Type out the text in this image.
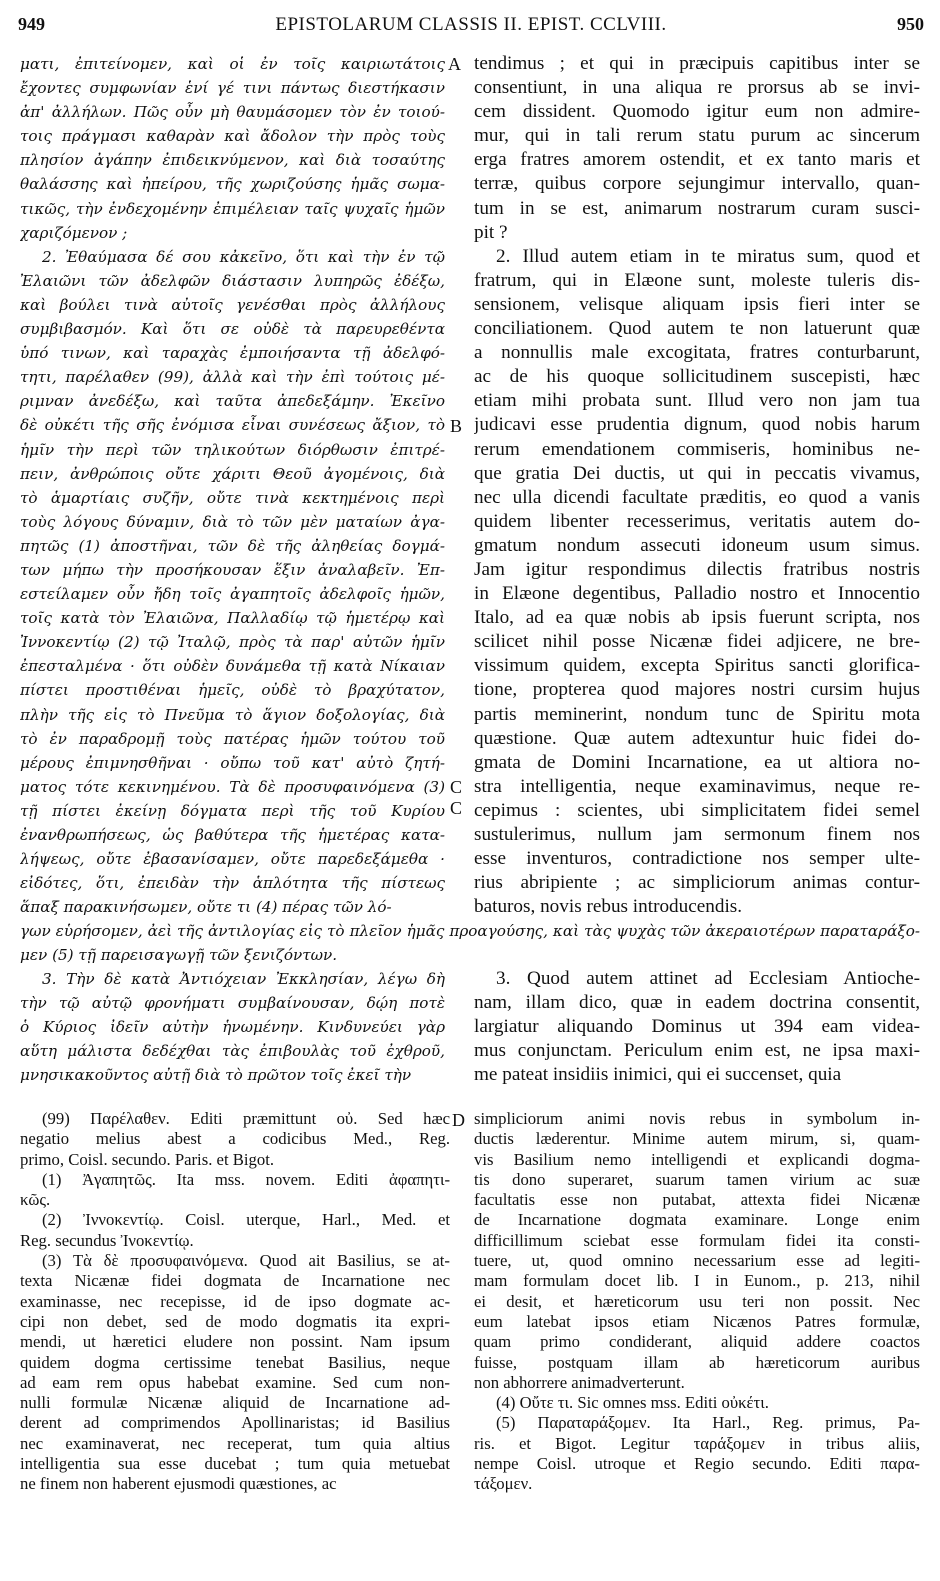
949	EPISTOLARUM CLASSIS II. EPIST. CCLVIII.	950
ματι, ἐπιτείνομεν, καὶ οἱ ἐν τοῖς καιριωτάτοις
ἔχοντες συμφωνίαν ἑνί γέ τινι πάντως διεστήκασιν
ἀπ' ἀλλήλων. Πῶς οὖν μὴ θαυμάσομεν τὸν ἐν τοιού-
τοις πράγμασι καθαρὰν καὶ ἄδολον τὴν πρὸς τοὺς
πλησίον ἀγάπην ἐπιδεικνύμενον, καὶ διὰ τοσαύτης
θαλάσσης καὶ ἠπείρου, τῆς χωριζούσης ἡμᾶς σωμα-
τικῶς, τὴν ἐνδεχομένην ἐπιμέλειαν ταῖς ψυχαῖς ἡμῶν
χαριζόμενον ;
2. Ἐθαύμασα δέ σου κἀκεῖνο, ὅτι καὶ τὴν ἐν τῷ
Ἐλαιῶνι τῶν ἀδελφῶν διάστασιν λυπηρῶς ἐδέξω,
καὶ βούλει τινὰ αὐτοῖς γενέσθαι πρὸς ἀλλήλους
συμβιβασμόν. Καὶ ὅτι σε οὐδὲ τὰ παρευρεθέντα
ὑπό τινων, καὶ ταραχὰς ἐμποιήσαντα τῇ ἀδελφό-
τητι, παρέλαθεν (99), ἀλλὰ καὶ τὴν ἐπὶ τούτοις μέ-
ριμναν ἀνεδέξω, καὶ ταῦτα ἀπεδεξάμην. Ἐκεῖνο
δὲ οὐκέτι τῆς σῆς ἐνόμισα εἶναι συνέσεως ἄξιον, τὸ
ἡμῖν τὴν περὶ τῶν τηλικούτων διόρθωσιν ἐπιτρέ-
πειν, ἀνθρώποις οὔτε χάριτι Θεοῦ ἀγομένοις, διὰ
τὸ ἁμαρτίαις συζῆν, οὔτε τινὰ κεκτημένοις περὶ
τοὺς λόγους δύναμιν, διὰ τὸ τῶν μὲν ματαίων ἀγα-
πητῶς (1) ἀποστῆναι, τῶν δὲ τῆς ἀληθείας δογμά-
των μήπω τὴν προσήκουσαν ἕξιν ἀναλαβεῖν. Ἐπ-
εστείλαμεν οὖν ἤδη τοῖς ἀγαπητοῖς ἀδελφοῖς ἡμῶν,
τοῖς κατὰ τὸν Ἐλαιῶνα, Παλλαδίῳ τῷ ἡμετέρῳ καὶ
Ἰννοκεντίῳ (2) τῷ Ἰταλῷ, πρὸς τὰ παρ' αὐτῶν ἡμῖν
ἐπεσταλμένα · ὅτι οὐδὲν δυνάμεθα τῇ κατὰ Νίκαιαν
πίστει προστιθέναι ἡμεῖς, οὐδὲ τὸ βραχύτατον,
πλὴν τῆς εἰς τὸ Πνεῦμα τὸ ἅγιον δοξολογίας, διὰ
τὸ ἐν παραδρομῇ τοὺς πατέρας ἡμῶν τούτου τοῦ
μέρους ἐπιμνησθῆναι · οὔπω τοῦ κατ' αὐτὸ ζητή-
ματος τότε κεκινημένου. Τὰ δὲ προσυφαινόμενα (3)
τῇ πίστει ἐκείνῃ δόγματα περὶ τῆς τοῦ Κυρίου
ἐνανθρωπήσεως, ὡς βαθύτερα τῆς ἡμετέρας κατα-
λήψεως, οὔτε ἐβασανίσαμεν, οὔτε παρεδεξάμεθα ·
εἰδότες, ὅτι, ἐπειδὰν τὴν ἁπλότητα τῆς πίστεως
ἅπαξ παρακινήσωμεν, οὔτε τι (4) πέρας τῶν λό-
tendimus ; et qui in præcipuis capitibus inter se
consentiunt, in una aliqua re prorsus ab se invi-
cem dissident. Quomodo igitur eum non admire-
mur, qui in tali rerum statu purum ac sincerum
erga fratres amorem ostendit, et ex tanto maris et
terræ, quibus corpore sejungimur intervallo, quan-
tum in se est, animarum nostrarum curam susci-
pit ?
2. Illud autem etiam in te miratus sum, quod et
fratrum, qui in Elæone sunt, moleste tuleris dis-
sensionem, velisque aliquam ipsis fieri inter se
conciliationem. Quod autem te non latuerunt quæ
a nonnullis male excogitata, fratres conturbarunt,
ac de his quoque sollicitudinem suscepisti, hæc
etiam mihi probata sunt. Illud vero non jam tua
judicavi esse prudentia dignum, quod nobis harum
rerum emendationem commiseris, hominibus ne-
que gratia Dei ductis, ut qui in peccatis vivamus,
nec ulla dicendi facultate præditis, eo quod a vanis
quidem libenter recesserimus, veritatis autem do-
gmatum nondum assecuti idoneum usum simus.
Jam igitur respondimus dilectis fratribus nostris
in Elæone degentibus, Palladio nostro et Innocentio
Italo, ad ea quæ nobis ab ipsis fuerunt scripta, nos
scilicet nihil posse Nicænæ fidei adjicere, ne bre-
vissimum quidem, excepta Spiritus sancti glorifica-
tione, propterea quod majores nostri cursim hujus
partis meminerint, nondum tunc de Spiritu mota
quæstione. Quæ autem adtexuntur huic fidei do-
gmata de Domini Incarnatione, ea ut altiora no-
stra intelligentia, neque examinavimus, neque re-
cepimus : scientes, ubi simplicitatem fidei semel
sustulerimus, nullum jam sermonum finem nos
esse inventuros, contradictione nos semper ulte-
rius abripiente ; ac simpliciorum animas contur-
baturos, novis rebus introducendis.
A
B
C
C
D
γων εὑρήσομεν, ἀεὶ τῆς ἀντιλογίας εἰς τὸ πλεῖον ἡμᾶς προαγούσης, καὶ τὰς ψυχὰς τῶν ἀκεραιοτέρων παραταράξο-
μεν (5) τῇ παρεισαγωγῇ τῶν ξενιζόντων.
3. Τὴν δὲ κατὰ Ἀντιόχειαν Ἐκκλησίαν, λέγω δὴ
τὴν τῷ αὐτῷ φρονήματι συμβαίνουσαν, δῴη ποτὲ
ὁ Κύριος ἰδεῖν αὐτὴν ἡνωμένην. Κινδυνεύει γὰρ
αὕτη μάλιστα δεδέχθαι τὰς ἐπιβουλὰς τοῦ ἐχθροῦ,
μνησικακοῦντος αὐτῇ διὰ τὸ πρῶτον τοῖς ἐκεῖ τὴν
3. Quod autem attinet ad Ecclesiam Antioche-
nam, illam dico, quæ in eadem doctrina consentit,
largiatur aliquando Dominus ut 394 eam videa-
mus conjunctam. Periculum enim est, ne ipsa maxi-
me pateat insidiis inimici, qui ei succenset, quia
(99) Παρέλαθεν. Editi præmittunt οὐ. Sed hæc
negatio melius abest a codicibus Med., Reg.
primo, Coisl. secundo. Paris. et Bigot.
(1) Ἀγαπητῶς. Ita mss. novem. Editi ἀφαπητι-
κῶς.
(2) Ἰννοκεντίῳ. Coisl. uterque, Harl., Med. et
Reg. secundus Ἰνοκεντίῳ.
(3) Τὰ δὲ προσυφαινόμενα. Quod ait Basilius, se at-
texta Nicænæ fidei dogmata de Incarnatione nec
examinasse, nec recepisse, id de ipso dogmate ac-
cipi non debet, sed de modo dogmatis ita expri-
mendi, ut hæretici eludere non possint. Nam ipsum
quidem dogma certissime tenebat Basilius, neque
ad eam rem opus habebat examine. Sed cum non-
nulli formulæ Nicænæ aliquid de Incarnatione ad-
derent ad comprimendos Apollinaristas; id Basilius
nec examinaverat, nec receperat, tum quia altius
intelligentia sua esse ducebat ; tum quia metuebat
ne finem non haberent ejusmodi quæstiones, ac
simpliciorum animi novis rebus in symbolum in-
ductis læderentur. Minime autem mirum, si, quam-
vis Basilium nemo intelligendi et explicandi dogma-
tis dono superaret, suarum tamen virium ac suæ
facultatis esse non putabat, attexta fidei Nicænæ
de Incarnatione dogmata examinare. Longe enim
difficillimum sciebat esse formulam fidei ita consti-
tuere, ut, quod omnino necessarium esse ad legiti-
mam formulam docet lib. I in Eunom., p. 213, nihil
ei desit, et hæreticorum usu teri non possit. Nec
eum latebat ipsos etiam Nicænos Patres formulæ,
quam primo condiderant, aliquid addere coactos
fuisse, postquam illam ab hæreticorum auribus
non abhorrere animadverterunt.
(4) Οὔτε τι. Sic omnes mss. Editi οὐκέτι.
(5) Παραταράξομεν. Ita Harl., Reg. primus, Pa-
ris. et Bigot. Legitur ταράξομεν in tribus aliis,
nempe Coisl. utroque et Regio secundo. Editi παρα-
τάξομεν.
